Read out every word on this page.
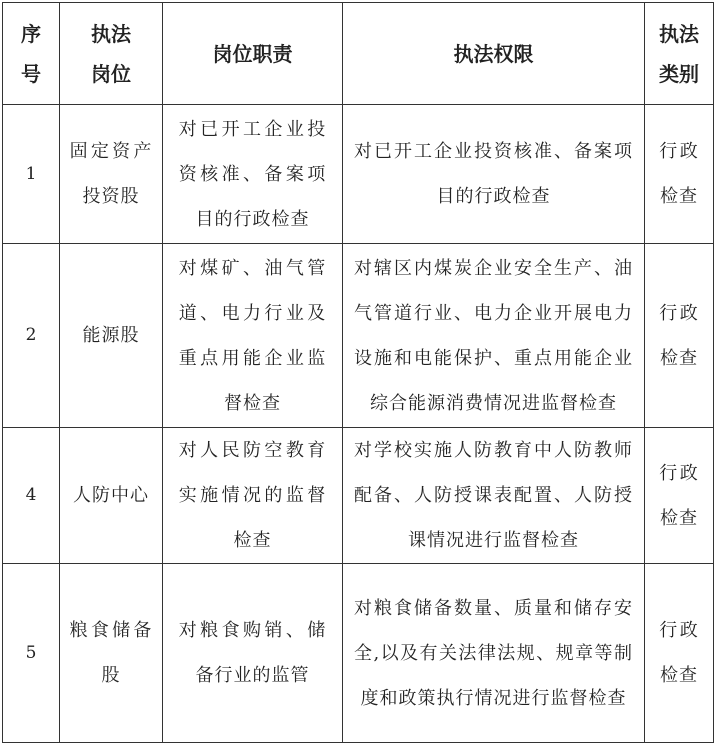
序号	执法岗位	岗位职责	执法权限	执法类别
1	固定资产投资股	对已开工企业投资核准、备案项目的行政检查	对已开工企业投资核准、备案项目的行政检查	行政检查
2	能源股	对煤矿、油气管道、电力行业及重点用能企业监督检查	对辖区内煤炭企业安全生产、油气管道行业、电力企业开展电力设施和电能保护、重点用能企业综合能源消费情况进监督检查	行政检查
4	人防中心	对人民防空教育实施情况的监督检查	对学校实施人防教育中人防教师配备、人防授课表配置、人防授课情况进行监督检查	行政检查
5	粮食储备股	对粮食购销、储备行业的监管	对粮食储备数量、质量和储存安全,以及有关法律法规、规章等制度和政策执行情况进行监督检查	行政检查
